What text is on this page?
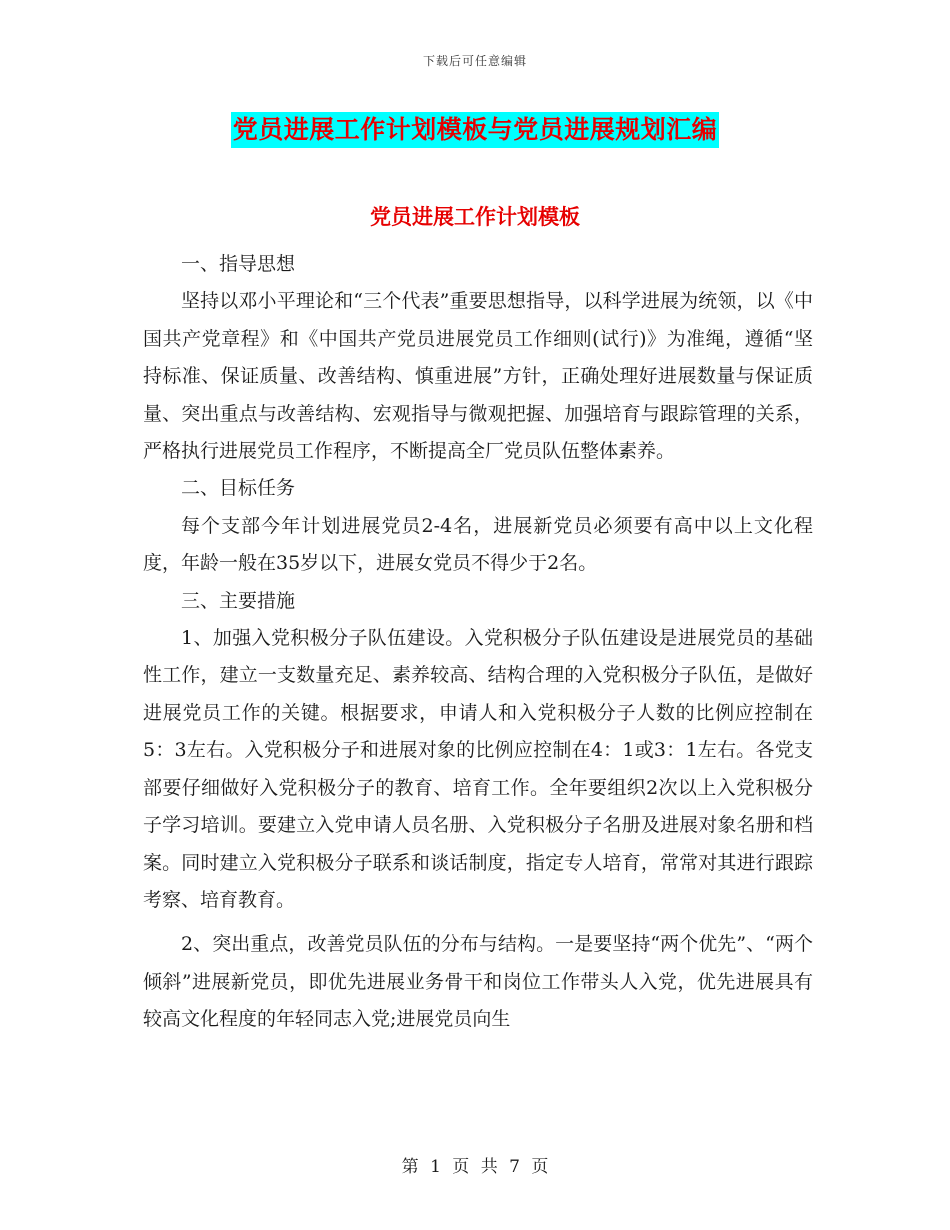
下载后可任意编辑
党员进展工作计划模板与党员进展规划汇编
党员进展工作计划模板

一、指导思想

坚持以邓小平理论和“三个代表”重要思想指导，以科学进展为统领，以《中国共产党章程》和《中国共产党员进展党员工作细则(试行)》为准绳，遵循“坚持标准、保证质量、改善结构、慎重进展”方针，正确处理好进展数量与保证质量、突出重点与改善结构、宏观指导与微观把握、加强培育与跟踪管理的关系，严格执行进展党员工作程序，不断提高全厂党员队伍整体素养。

二、目标任务

每个支部今年计划进展党员2-4名，进展新党员必须要有高中以上文化程度，年龄一般在35岁以下，进展女党员不得少于2名。

三、主要措施

1、加强入党积极分子队伍建设。入党积极分子队伍建设是进展党员的基础性工作，建立一支数量充足、素养较高、结构合理的入党积极分子队伍，是做好进展党员工作的关键。根据要求，申请人和入党积极分子人数的比例应控制在5：3左右。入党积极分子和进展对象的比例应控制在4：1或3：1左右。各党支部要仔细做好入党积极分子的教育、培育工作。全年要组织2次以上入党积极分子学习培训。要建立入党申请人员名册、入党积极分子名册及进展对象名册和档案。同时建立入党积极分子联系和谈话制度，指定专人培育，常常对其进行跟踪考察、培育教育。

2、突出重点，改善党员队伍的分布与结构。一是要坚持“两个优先”、“两个倾斜”进展新党员，即优先进展业务骨干和岗位工作带头人入党，优先进展具有较高文化程度的年轻同志入党;进展党员向生

第 1 页 共 7 页
